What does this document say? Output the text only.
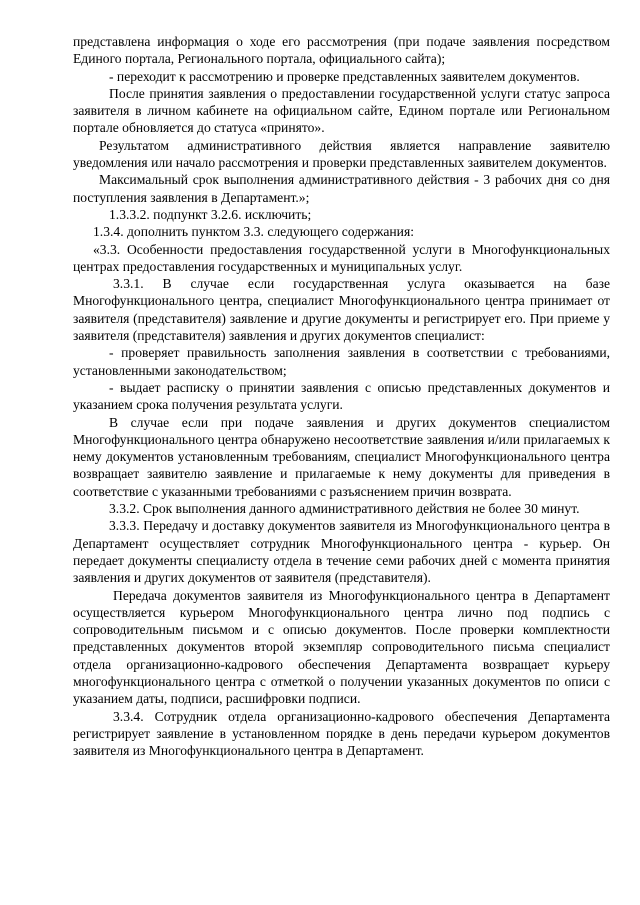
представлена информация о ходе его рассмотрения (при подаче заявления посредством Единого портала, Регионального портала, официального сайта);

- переходит к рассмотрению и проверке представленных заявителем документов.

После принятия заявления о предоставлении государственной услуги статус запроса заявителя в личном кабинете на официальном сайте, Едином портале или Региональном портале обновляется до статуса «принято».

Результатом административного действия является направление заявителю уведомления или начало рассмотрения и проверки представленных заявителем документов.

Максимальный срок выполнения административного действия - 3 рабочих дня со дня поступления заявления в Департамент.»;

1.3.3.2. подпункт 3.2.6. исключить;

1.3.4. дополнить пунктом 3.3. следующего содержания:

«3.3. Особенности предоставления государственной услуги в Многофункциональных центрах предоставления государственных и муниципальных услуг.

3.3.1. В случае если государственная услуга оказывается на базе Многофункционального центра, специалист Многофункционального центра принимает от заявителя (представителя) заявление и другие документы и регистрирует его. При приеме у заявителя (представителя) заявления и других документов специалист:

- проверяет правильность заполнения заявления в соответствии с требованиями, установленными законодательством;

- выдает расписку о принятии заявления с описью представленных документов и указанием срока получения результата услуги.

В случае если при подаче заявления и других документов специалистом Многофункционального центра обнаружено несоответствие заявления и/или прилагаемых к нему документов установленным требованиям, специалист Многофункционального центра возвращает заявителю заявление и прилагаемые к нему документы для приведения в соответствие с указанными требованиями с разъяснением причин возврата.

3.3.2. Срок выполнения данного административного действия не более 30 минут.

3.3.3. Передачу и доставку документов заявителя из Многофункционального центра в Департамент осуществляет сотрудник Многофункционального центра - курьер. Он передает документы специалисту отдела в течение семи рабочих дней с момента принятия заявления и других документов от заявителя (представителя).

Передача документов заявителя из Многофункционального центра в Департамент осуществляется курьером Многофункционального центра лично под подпись с сопроводительным письмом и с описью документов. После проверки комплектности представленных документов второй экземпляр сопроводительного письма специалист отдела организационно-кадрового обеспечения Департамента возвращает курьеру многофункционального центра с отметкой о получении указанных документов по описи с указанием даты, подписи, расшифровки подписи.

3.3.4. Сотрудник отдела организационно-кадрового обеспечения Департамента регистрирует заявление в установленном порядке в день передачи курьером документов заявителя из Многофункционального центра в Департамент.
